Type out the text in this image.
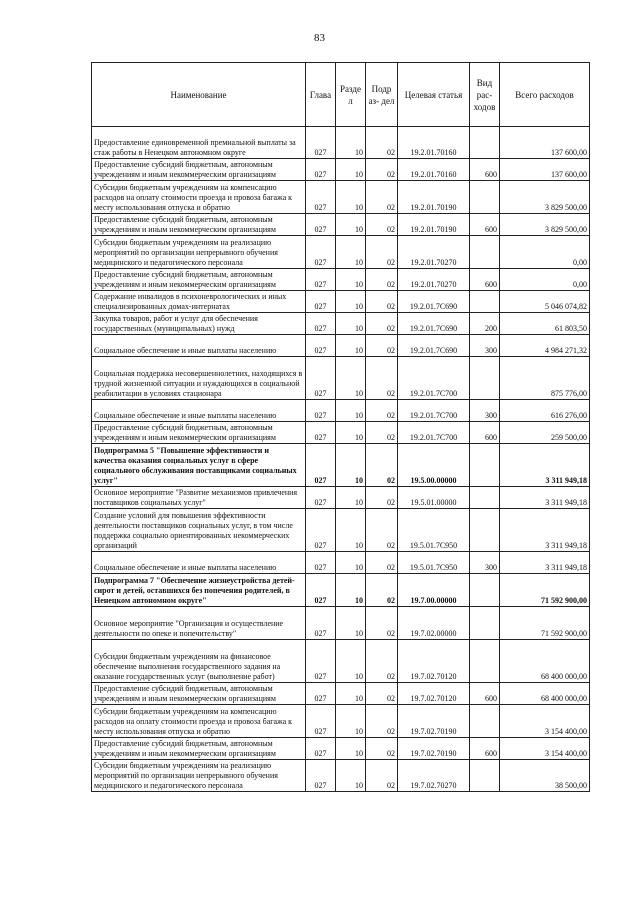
83
Наименование	Глава	Разде л	Подр аз- дел	Целевая статья	Вид рас- ходов	Всего расходов
Предоставление единовременной премиальной выплаты за стаж работы в Ненецком автономном округе	027	10	02	19.2.01.70160		137 600,00
Предоставление субсидий бюджетным, автономным учреждениям и иным некоммерческим организациям	027	10	02	19.2.01.70160	600	137 600,00
Субсидии бюджетным учреждениям на компенсацию расходов на оплату стоимости проезда и провоза багажа к месту использования отпуска и обратно	027	10	02	19.2.01.70190		3 829 500,00
Предоставление субсидий бюджетным, автономным учреждениям и иным некоммерческим организациям	027	10	02	19.2.01.70190	600	3 829 500,00
Субсидии бюджетным учреждениям на реализацию мероприятий по организации непрерывного обучения медицинского и педагогического персонала	027	10	02	19.2.01.70270		0,00
Предоставление субсидий бюджетным, автономным учреждениям и иным некоммерческим организациям	027	10	02	19.2.01.70270	600	0,00
Содержание инвалидов в психоневрологических и иных специализированных домах-интернатах	027	10	02	19.2.01.7С690		5 046 074,82
Закупка товаров, работ и услуг для обеспечения государственных (муниципальных) нужд	027	10	02	19.2.01.7С690	200	61 803,50
Социальное обеспечение и иные выплаты населению	027	10	02	19.2.01.7С690	300	4 984 271,32
Социальная поддержка несовершеннолетних, находящихся в трудной жизненной ситуации и нуждающихся в социальной реабилитации в условиях стационара	027	10	02	19.2.01.7С700		875 776,00
Социальное обеспечение и иные выплаты населению	027	10	02	19.2.01.7С700	300	616 276,00
Предоставление субсидий бюджетным, автономным учреждениям и иным некоммерческим организациям	027	10	02	19.2.01.7С700	600	259 500,00
Подпрограмма 5 "Повышение эффективности и качества оказания социальных услуг в сфере социального обслуживания поставщиками социальных услуг"	027	10	02	19.5.00.00000		3 311 949,18
Основное мероприятие "Развитие механизмов привлечения поставщиков социальных услуг"	027	10	02	19.5.01.00000		3 311 949,18
Создание условий для повышения эффективности деятельности поставщиков социальных услуг, в том числе поддержка социально ориентированных некоммерческих организаций	027	10	02	19.5.01.7С950		3 311 949,18
Социальное обеспечение и иные выплаты населению	027	10	02	19.5.01.7С950	300	3 311 949,18
Подпрограмма 7 "Обеспечение жизнеустройства детей-сирот и детей, оставшихся без попечения родителей, в Ненецком автономном округе"	027	10	02	19.7.00.00000		71 592 900,00
Основное мероприятие "Организация и осуществление деятельности по опеке и попечительству"	027	10	02	19.7.02.00000		71 592 900,00
Субсидии бюджетным учреждениям на финансовое обеспечение выполнения государственного задания на оказание государственных услуг (выполнение работ)	027	10	02	19.7.02.70120		68 400 000,00
Предоставление субсидий бюджетным, автономным учреждениям и иным некоммерческим организациям	027	10	02	19.7.02.70120	600	68 400 000,00
Субсидии бюджетным учреждениям на компенсацию расходов на оплату стоимости проезда и провоза багажа к месту использования отпуска и обратно	027	10	02	19.7.02.70190		3 154 400,00
Предоставление субсидий бюджетным, автономным учреждениям и иным некоммерческим организациям	027	10	02	19.7.02.70190	600	3 154 400,00
Субсидии бюджетным учреждениям на реализацию мероприятий по организации непрерывного обучения медицинского и педагогического персонала	027	10	02	19.7.02.70270		38 500,00
